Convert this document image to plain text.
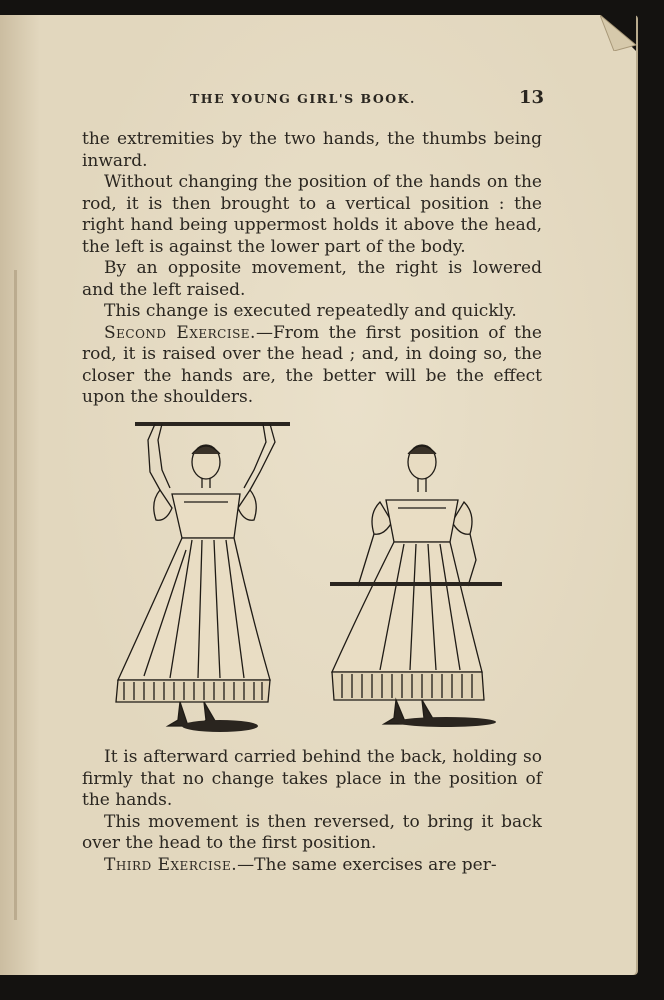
THE YOUNG GIRL'S BOOK.	13

the extremities by the two hands, the thumbs being inward.

Without changing the position of the hands on the rod, it is then brought to a vertical position : the right hand being uppermost holds it above the head, the left is against the lower part of the body.

By an opposite movement, the right is lowered and the left raised.

This change is executed repeatedly and quickly.

Second Exercise.—From the first position of the rod, it is raised over the head ; and, in doing so, the closer the hands are, the better will be the effect upon the shoulders.

It is afterward carried behind the back, holding so firmly that no change takes place in the position of the hands.

This movement is then reversed, to bring it back over the head to the first position.

Third Exercise.—The same exercises are per-
